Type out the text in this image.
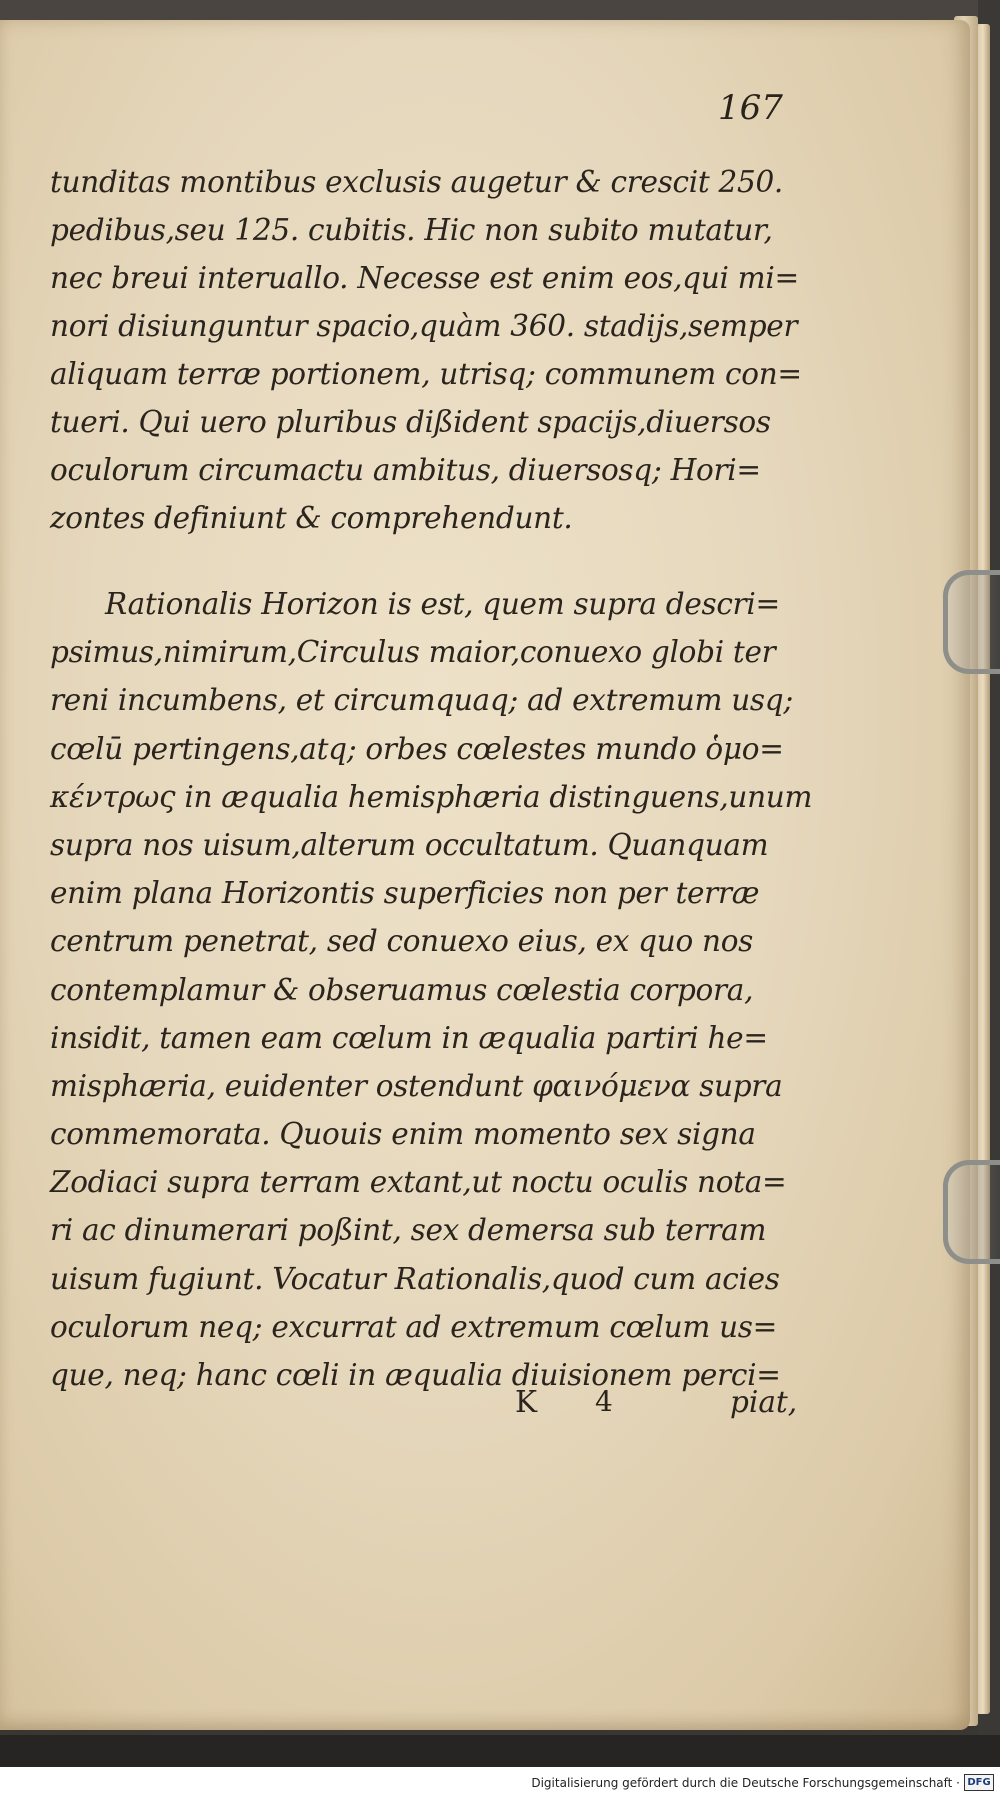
167
tunditas montibus exclusis augetur & crescit 250.
pedibus,seu 125. cubitis. Hic non subito mutatur,
nec breui interuallo. Necesse est enim eos,qui mi=
nori disiunguntur spacio,quàm 360. stadijs,semper
aliquam terræ portionem, utrisq; communem con=
tueri. Qui uero pluribus dißident spacijs,diuersos
oculorum circumactu ambitus, diuersosq; Hori=
zontes definiunt & comprehendunt.
Rationalis Horizon is est, quem supra descri=
psimus,nimirum,Circulus maior,conuexo globi ter
reni incumbens, et circumquaq; ad extremum usq;
cœlū pertingens,atq; orbes cœlestes mundo ὁμο=
κέντρως in æqualia hemisphæria distinguens,unum
supra nos uisum,alterum occultatum. Quanquam
enim plana Horizontis superficies non per terræ
centrum penetrat, sed conuexo eius, ex quo nos
contemplamur & obseruamus cœlestia corpora,
insidit, tamen eam cœlum in æqualia partiri he=
misphæria, euidenter ostendunt φαινόμενα supra
commemorata. Quouis enim momento sex signa
Zodiaci supra terram extant,ut noctu oculis nota=
ri ac dinumerari poßint, sex demersa sub terram
uisum fugiunt. Vocatur Rationalis,quod cum acies
oculorum neq; excurrat ad extremum cœlum us=
que, neq; hanc cœli in æqualia diuisionem perci=
K 4	piat,
Digitalisierung gefördert durch die Deutsche Forschungsgemeinschaft · DFG
